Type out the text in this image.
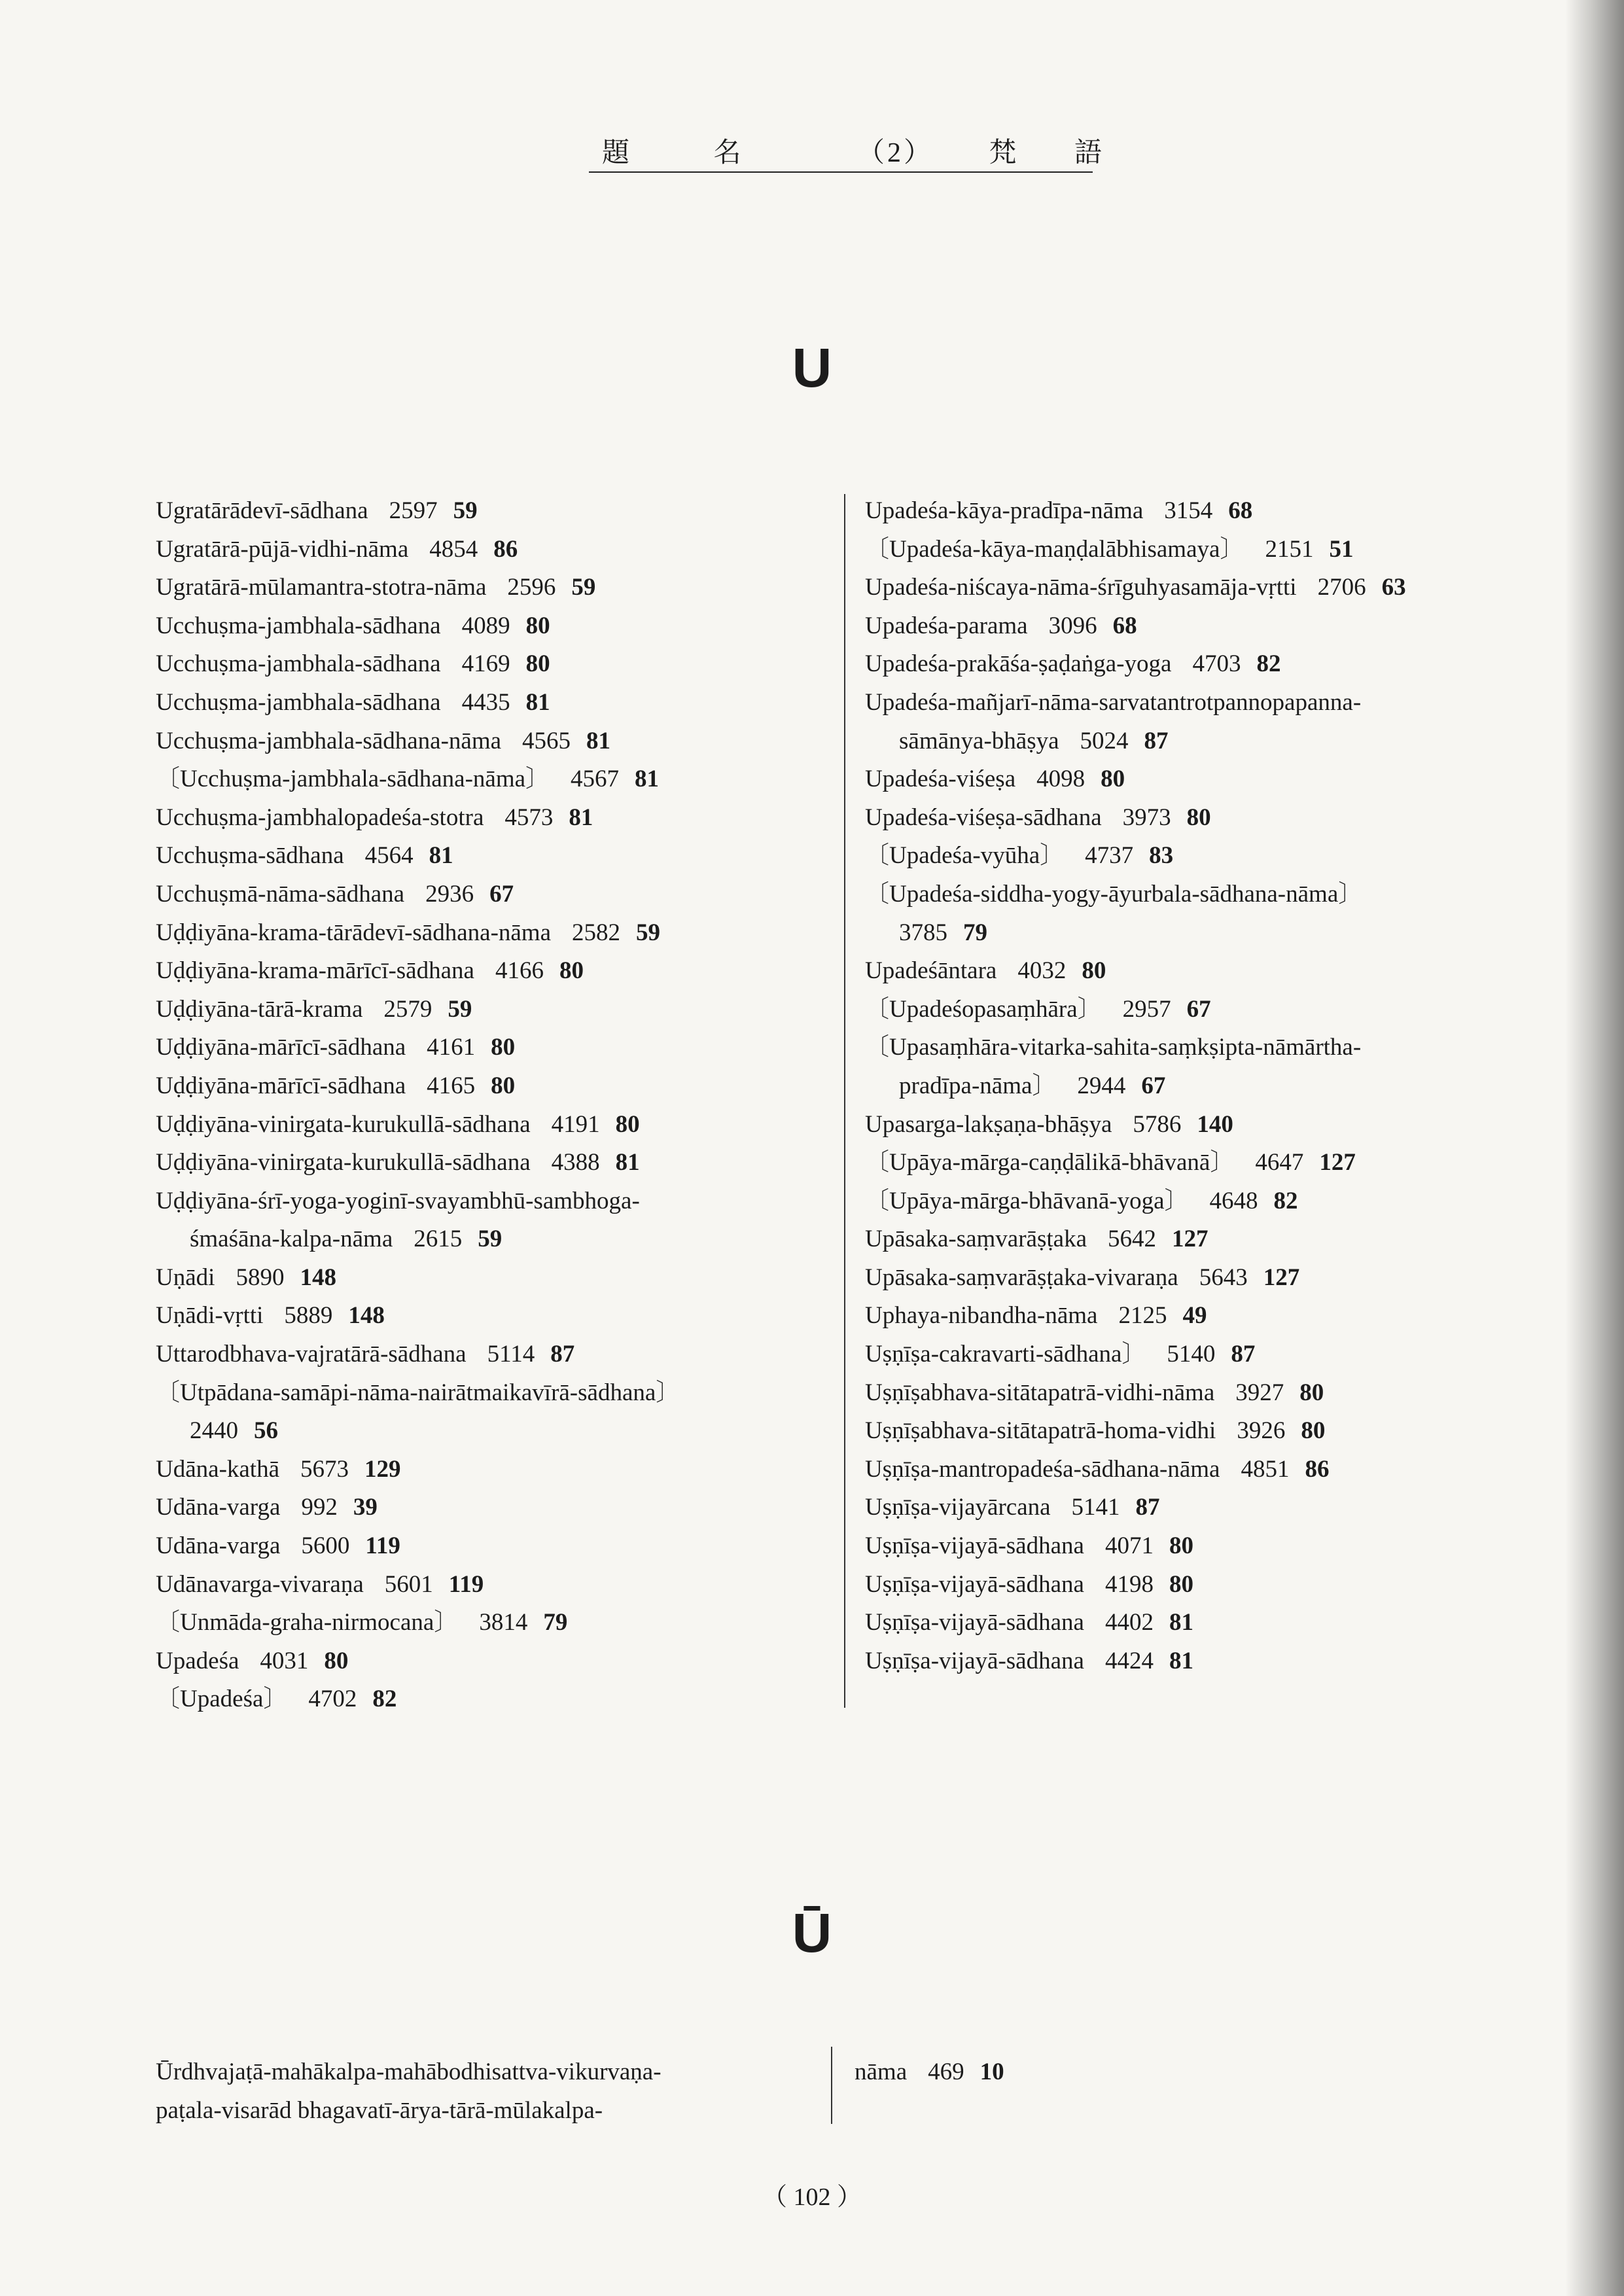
題 名	（2） 梵 語
U
Ugratārādevī-sādhana 2597 59
Ugratārā-pūjā-vidhi-nāma 4854 86
Ugratārā-mūlamantra-stotra-nāma 2596 59
Ucchuṣma-jambhala-sādhana 4089 80
Ucchuṣma-jambhala-sādhana 4169 80
Ucchuṣma-jambhala-sādhana 4435 81
Ucchuṣma-jambhala-sādhana-nāma 4565 81
〔Ucchuṣma-jambhala-sādhana-nāma〕 4567 81
Ucchuṣma-jambhalopadeśa-stotra 4573 81
Ucchuṣma-sādhana 4564 81
Ucchuṣmā-nāma-sādhana 2936 67
Uḍḍiyāna-krama-tārādevī-sādhana-nāma 2582 59
Uḍḍiyāna-krama-mārīcī-sādhana 4166 80
Uḍḍiyāna-tārā-krama 2579 59
Uḍḍiyāna-mārīcī-sādhana 4161 80
Uḍḍiyāna-mārīcī-sādhana 4165 80
Uḍḍiyāna-vinirgata-kurukullā-sādhana 4191 80
Uḍḍiyāna-vinirgata-kurukullā-sādhana 4388 81
Uḍḍiyāna-śrī-yoga-yoginī-svayambhū-sambhoga-
śmaśāna-kalpa-nāma 2615 59
Uṇādi 5890 148
Uṇādi-vṛtti 5889 148
Uttarodbhava-vajratārā-sādhana 5114 87
〔Utpādana-samāpi-nāma-nairātmaikavīrā-sādhana〕
2440 56
Udāna-kathā 5673 129
Udāna-varga 992 39
Udāna-varga 5600 119
Udānavarga-vivaraṇa 5601 119
〔Unmāda-graha-nirmocana〕 3814 79
Upadeśa 4031 80
〔Upadeśa〕 4702 82
Upadeśa-kāya-pradīpa-nāma 3154 68
〔Upadeśa-kāya-maṇḍalābhisamaya〕 2151 51
Upadeśa-niścaya-nāma-śrīguhyasamāja-vṛtti 2706 63
Upadeśa-parama 3096 68
Upadeśa-prakāśa-ṣaḍaṅga-yoga 4703 82
Upadeśa-mañjarī-nāma-sarvatantrotpannopapanna-
sāmānya-bhāṣya 5024 87
Upadeśa-viśeṣa 4098 80
Upadeśa-viśeṣa-sādhana 3973 80
〔Upadeśa-vyūha〕 4737 83
〔Upadeśa-siddha-yogy-āyurbala-sādhana-nāma〕
3785 79
Upadeśāntara 4032 80
〔Upadeśopasaṃhāra〕 2957 67
〔Upasaṃhāra-vitarka-sahita-saṃkṣipta-nāmārtha-
pradīpa-nāma〕 2944 67
Upasarga-lakṣaṇa-bhāṣya 5786 140
〔Upāya-mārga-caṇḍālikā-bhāvanā〕 4647 127
〔Upāya-mārga-bhāvanā-yoga〕 4648 82
Upāsaka-saṃvarāṣṭaka 5642 127
Upāsaka-saṃvarāṣṭaka-vivaraṇa 5643 127
Uphaya-nibandha-nāma 2125 49
Uṣṇīṣa-cakravarti-sādhana〕 5140 87
Uṣṇīṣabhava-sitātapatrā-vidhi-nāma 3927 80
Uṣṇīṣabhava-sitātapatrā-homa-vidhi 3926 80
Uṣṇīṣa-mantropadeśa-sādhana-nāma 4851 86
Uṣṇīṣa-vijayārcana 5141 87
Uṣṇīṣa-vijayā-sādhana 4071 80
Uṣṇīṣa-vijayā-sādhana 4198 80
Uṣṇīṣa-vijayā-sādhana 4402 81
Uṣṇīṣa-vijayā-sādhana 4424 81
Ū
Ūrdhvajaṭā-mahākalpa-mahābodhisattva-vikurvaṇa-
paṭala-visarād bhagavatī-ārya-tārā-mūlakalpa-
nāma 469 10
（ 102 ）
